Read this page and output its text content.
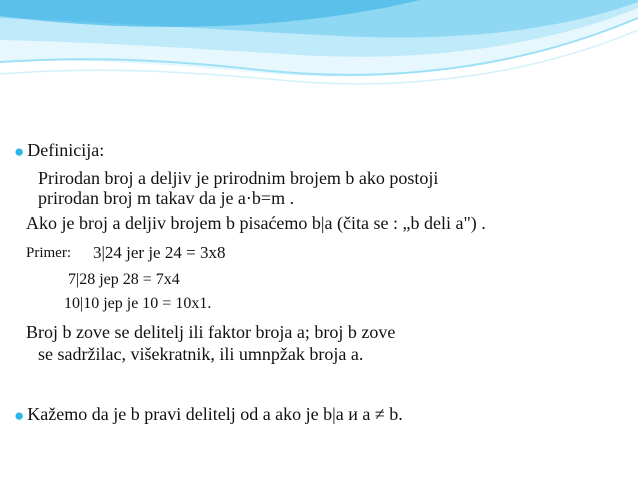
● Definicija:
Prirodan broj a deljiv je prirodnim brojem b ako postoji
prirodan broj m takav da je a·b=m .
Ako je broj a deljiv brojem b pisaćemo b|a (čita se : „b deli a") .
Primer: 3|24 jer je 24 = 3x8
7|28 jep 28 = 7x4
10|10 jep je 10 = 10x1.
Broj b zove se delitelj ili faktor broja a; broj b zove
se sadržilac, višekratnik, ili umnpžak broja a.
● Kažemo da je b pravi delitelj od a ako je b|a и a ≠ b.
